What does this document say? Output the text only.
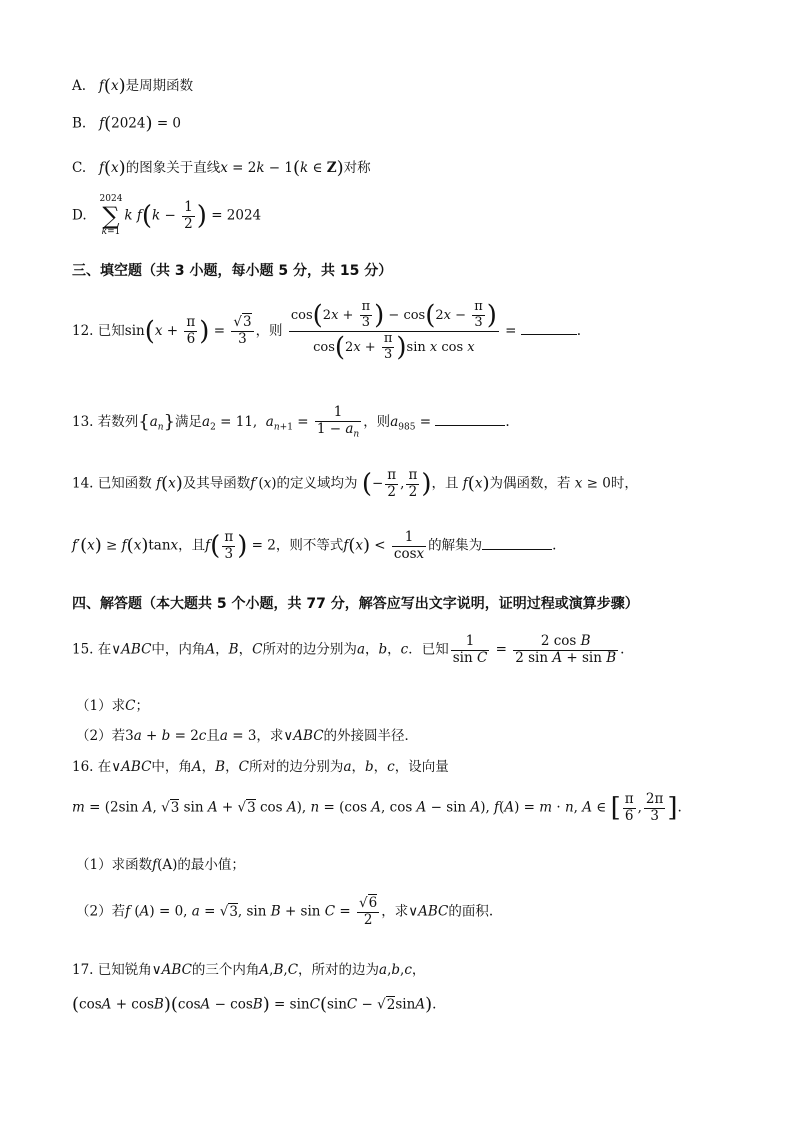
A. f(x)是周期函数
B. f(2024) = 0
C. f(x)的图象关于直线x = 2k − 1(k ∈ Z)对称
D.   2024
∑
k=1k $f(k - \frac{1}{2}$ ) = 2024
三、填空题（共 3 小题，每小题 5 分，共 15 分）
12. 已知$\sin(x + \frac{\pi}{6}$ ) = $\frac{√3}{3}$ ，则 $\frac{\cos(2x + \frac{\pi}{3} ) - \cos(2x - \frac{\pi}{3} )}{\cos(2x + \frac{\pi}{3} )\sin x \cos x}$ =	.
13. 若数列$\{a_n\}$满足$a_2 = 11$,  $a_{n+1} = \frac{1}{1 - a_n}$ ，则$a_{985}$ =	.
14. 已知函数 f(x)及其导函数f′(x)的定义域均为 (− $\frac{\pi}{2}$ , $\frac{\pi}{2}$ )，且 f(x)为偶函数，若 x ≥ 0时，
f′(x) ≥ f(x)tanx，且$f( \frac{\pi}{3}$ ) = 2，则不等式$f(x) < \frac{1}{\cos x}$ 的解集为	.
四、解答题（本大题共 5 个小题，共 77 分，解答应写出文字说明，证明过程或演算步骤）
15. 在∨ABC中，内角A，B，C所对的边分别为a，b，c．已知 $\frac{1}{\text{sin C}} = \frac{\text{2 cos B}}{\text{2 sin A + sin B}}$ .
（1）求C；
（2）若3a + b = 2c且a = 3，求∨ABC的外接圆半径．
16. 在∨ABC中，角A，B，C所对的边分别为a，b，c，设向量
m = (2sin A, √3 sin A + √3 cos A), n = (cos A, cos A − sin A), f(A) = m · n, A ∈ [ $\frac{\pi}{6}$ , $\frac{2\pi}{3}$ ].
（1）求函数f(A)的最小值；
（2）若f (A) = 0, a = √3, $\sin B + \sin C = \frac{√6}{2}$ ，求∨ABC的面积.
17. 已知锐角∨ABC的三个内角A,B,C，所对的边为a,b,c，
(cosA + cosB)(cosA − cosB) = sinC(sinC − √2sinA).
